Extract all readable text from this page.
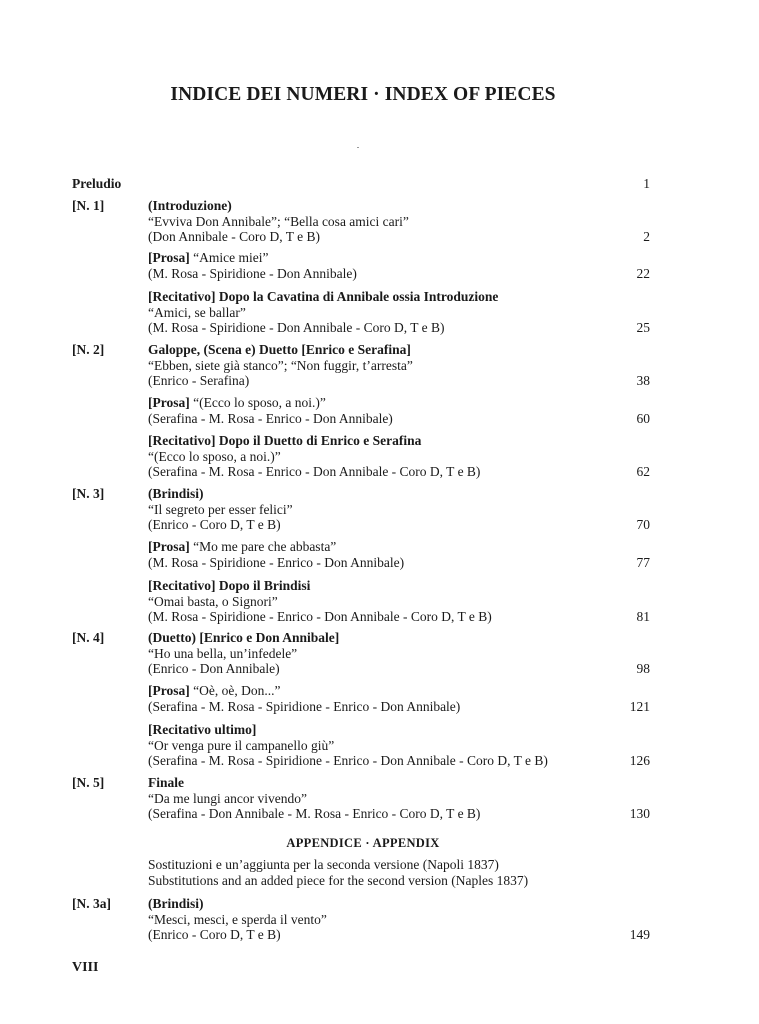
INDICE DEI NUMERI · INDEX OF PIECES
Preludio	1
[N. 1]	(Introduzione)
“Evviva Don Annibale”; “Bella cosa amici cari”
(Don Annibale - Coro D, T e B)	2
[Prosa] “Amice miei”
(M. Rosa - Spiridione - Don Annibale)	22
[Recitativo] Dopo la Cavatina di Annibale ossia Introduzione
“Amici, se ballar”
(M. Rosa - Spiridione - Don Annibale - Coro D, T e B)	25
[N. 2]	Galoppe, (Scena e) Duetto [Enrico e Serafina]
“Ebben, siete già stanco”; “Non fuggir, t’arresta”
(Enrico - Serafina)	38
[Prosa] “(Ecco lo sposo, a noi.)”
(Serafina - M. Rosa - Enrico - Don Annibale)	60
[Recitativo] Dopo il Duetto di Enrico e Serafina
“(Ecco lo sposo, a noi.)”
(Serafina - M. Rosa - Enrico - Don Annibale - Coro D, T e B)	62
[N. 3]	(Brindisi)
“Il segreto per esser felici”
(Enrico - Coro D, T e B)	70
[Prosa] “Mo me pare che abbasta”
(M. Rosa - Spiridione - Enrico - Don Annibale)	77
[Recitativo] Dopo il Brindisi
“Omai basta, o Signori”
(M. Rosa - Spiridione - Enrico - Don Annibale - Coro D, T e B)	81
[N. 4]	(Duetto) [Enrico e Don Annibale]
“Ho una bella, un’infedele”
(Enrico - Don Annibale)	98
[Prosa] “Oè, oè, Don...”
(Serafina - M. Rosa - Spiridione - Enrico - Don Annibale)	121
[Recitativo ultimo]
“Or venga pure il campanello giù”
(Serafina - M. Rosa - Spiridione - Enrico - Don Annibale - Coro D, T e B)	126
[N. 5]	Finale
“Da me lungi ancor vivendo”
(Serafina - Don Annibale - M. Rosa - Enrico - Coro D, T e B)	130
APPENDICE · APPENDIX
Sostituzioni e un’aggiunta per la seconda versione (Napoli 1837)
Substitutions and an added piece for the second version (Naples 1837)
[N. 3a]	(Brindisi)
“Mesci, mesci, e sperda il vento”
(Enrico - Coro D, T e B)	149
VIII
